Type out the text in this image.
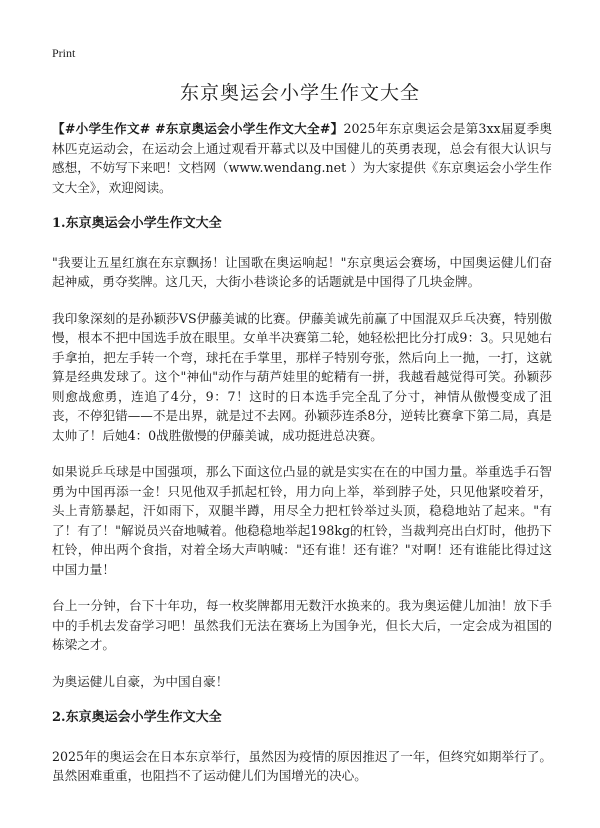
Print
东京奥运会小学生作文大全

【#小学生作文# #东京奥运会小学生作文大全#】2025年东京奥运会是第3xx届夏季奥林匹克运动会，在运动会上通过观看开幕式以及中国健儿的英勇表现，总会有很大认识与感想，不妨写下来吧！文档网（www.wendang.net ）为大家提供《东京奥运会小学生作文大全》，欢迎阅读。

1.东京奥运会小学生作文大全

"我要让五星红旗在东京飘扬！让国歌在奥运响起！"东京奥运会赛场，中国奥运健儿们奋起神威，勇夺奖牌。这几天，大街小巷谈论多的话题就是中国得了几块金牌。

我印象深刻的是孙颖莎VS伊藤美诚的比赛。伊藤美诚先前赢了中国混双乒乓决赛，特别傲慢，根本不把中国选手放在眼里。女单半决赛第二轮，她轻松把比分打成9：3。只见她右手拿拍，把左手转一个弯，球托在手掌里，那样子特别夸张，然后向上一抛，一打，这就算是经典发球了。这个"神仙"动作与葫芦娃里的蛇精有一拼，我越看越觉得可笑。孙颖莎则愈战愈勇，连追了4分，9：7！这时的日本选手完全乱了分寸，神情从傲慢变成了沮丧，不停犯错——不是出界，就是过不去网。孙颖莎连杀8分，逆转比赛拿下第二局，真是太帅了！后她4：0战胜傲慢的伊藤美诚，成功挺进总决赛。

如果说乒乓球是中国强项，那么下面这位凸显的就是实实在在的中国力量。举重选手石智勇为中国再添一金！只见他双手抓起杠铃，用力向上举，举到脖子处，只见他紧咬着牙，头上青筋暴起，汗如雨下，双腿半蹲，用尽全力把杠铃举过头顶，稳稳地站了起来。"有了！有了！"解说员兴奋地喊着。他稳稳地举起198kg的杠铃，当裁判亮出白灯时，他扔下杠铃，伸出两个食指，对着全场大声呐喊："还有谁！还有谁？"对啊！还有谁能比得过这中国力量！

台上一分钟，台下十年功，每一枚奖牌都用无数汗水换来的。我为奥运健儿加油！放下手中的手机去发奋学习吧！虽然我们无法在赛场上为国争光，但长大后，一定会成为祖国的栋梁之才。

为奥运健儿自豪，为中国自豪！

2.东京奥运会小学生作文大全

2025年的奥运会在日本东京举行，虽然因为疫情的原因推迟了一年，但终究如期举行了。虽然困难重重，也阻挡不了运动健儿们为国增光的决心。
